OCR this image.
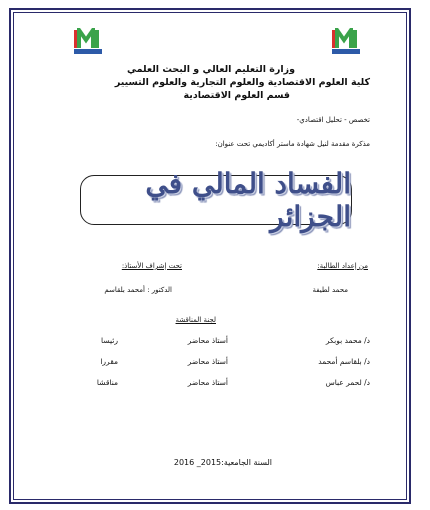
وزارة التعليم العالي و البحث العلمي
كلية العلوم الاقتصادية والعلوم التجارية والعلوم التسيير
قسم العلوم الاقتصادية
تخصص - تحليل اقتصادي-
مذكرة مقدمة لنيل شهادة ماستر أكاديمي تحت عنوان:
الفساد المالي في الجزائر
من إعداد الطالبة:
تحت إشراف الأستاذ:
محمد لطيفة
الدكتور : أمحمد بلقاسم
لجنة المناقشة
د/ محمد بوبكر
أستاذ محاضر
رئيسا
د/ بلقاسم أمحمد
أستاذ محاضر
مقررا
د/ لحمر عباس
أستاذ محاضر
مناقشا
السنة الجامعية:2015_ 2016
